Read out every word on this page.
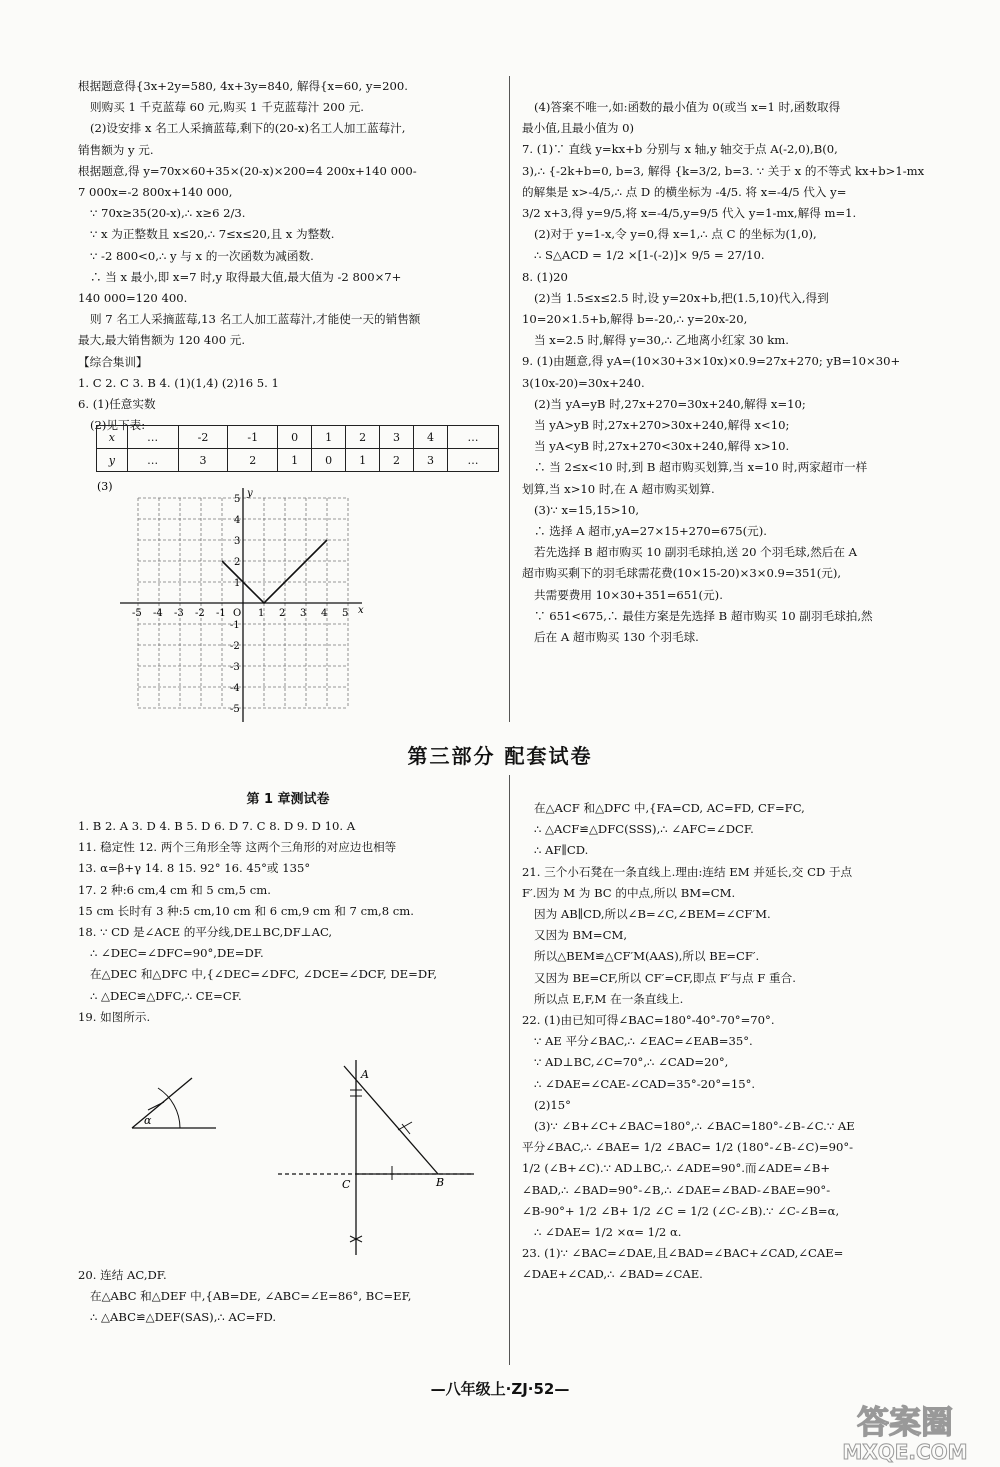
根据题意得{3x+2y=580, 4x+3y=840, 解得{x=60, y=200.
则购买 1 千克蓝莓 60 元,购买 1 千克蓝莓汁 200 元.
(2)设安排 x 名工人采摘蓝莓,剩下的(20-x)名工人加工蓝莓汁,
销售额为 y 元.
根据题意,得 y=70x×60+35×(20-x)×200=4 200x+140 000-
7 000x=-2 800x+140 000,
∵ 70x≥35(20-x),∴ x≥6 2/3.
∵ x 为正整数且 x≤20,∴ 7≤x≤20,且 x 为整数.
∵ -2 800<0,∴ y 与 x 的一次函数为减函数.
∴ 当 x 最小,即 x=7 时,y 取得最大值,最大值为 -2 800×7+
140 000=120 400.
则 7 名工人采摘蓝莓,13 名工人加工蓝莓汁,才能使一天的销售额
最大,最大销售额为 120 400 元.
【综合集训】
1. C 2. C 3. B 4. (1)(1,4) (2)16 5. 1
6. (1)任意实数
(2)见下表:
x	…	-2	-1	0	1	2	3	4	…
y	…	3	2	1	0	1	2	3	…
-5 -4 -3 -2 -1 O 1 2 3 4 5
5
4
3
2
1
-1
-2
-3
-4
-5
x
y
(3)
(4)答案不唯一,如:函数的最小值为 0(或当 x=1 时,函数取得
最小值,且最小值为 0)
7. (1)∵ 直线 y=kx+b 分别与 x 轴,y 轴交于点 A(-2,0),B(0,
3),∴ {-2k+b=0, b=3, 解得 {k=3/2, b=3. ∵ 关于 x 的不等式 kx+b>1-mx
的解集是 x>-4/5,∴ 点 D 的横坐标为 -4/5. 将 x=-4/5 代入 y=
3/2 x+3,得 y=9/5,将 x=-4/5,y=9/5 代入 y=1-mx,解得 m=1.
(2)对于 y=1-x,令 y=0,得 x=1,∴ 点 C 的坐标为(1,0),
∴ S△ACD = 1/2 ×[1-(-2)]× 9/5 = 27/10.
8. (1)20
(2)当 1.5≤x≤2.5 时,设 y=20x+b,把(1.5,10)代入,得到
10=20×1.5+b,解得 b=-20,∴ y=20x-20,
当 x=2.5 时,解得 y=30,∴ 乙地离小红家 30 km.
9. (1)由题意,得 yA=(10×30+3×10x)×0.9=27x+270; yB=10×30+
3(10x-20)=30x+240.
(2)当 yA=yB 时,27x+270=30x+240,解得 x=10;
当 yA>yB 时,27x+270>30x+240,解得 x<10;
当 yA<yB 时,27x+270<30x+240,解得 x>10.
∴ 当 2≤x<10 时,到 B 超市购买划算,当 x=10 时,两家超市一样
划算,当 x>10 时,在 A 超市购买划算.
(3)∵ x=15,15>10,
∴ 选择 A 超市,yA=27×15+270=675(元).
若先选择 B 超市购买 10 副羽毛球拍,送 20 个羽毛球,然后在 A
超市购买剩下的羽毛球需花费(10×15-20)×3×0.9=351(元),
共需要费用 10×30+351=651(元).
∵ 651<675,∴ 最佳方案是先选择 B 超市购买 10 副羽毛球拍,然
后在 A 超市购买 130 个羽毛球.
第三部分 配套试卷
第 1 章测试卷
1. B 2. A 3. D 4. B 5. D 6. D 7. C 8. D 9. D 10. A
11. 稳定性 12. 两个三角形全等 这两个三角形的对应边也相等
13. α=β+γ 14. 8 15. 92° 16. 45°或 135°
17. 2 种:6 cm,4 cm 和 5 cm,5 cm.
15 cm 长时有 3 种:5 cm,10 cm 和 6 cm,9 cm 和 7 cm,8 cm.
18. ∵ CD 是∠ACE 的平分线,DE⊥BC,DF⊥AC,
∴ ∠DEC=∠DFC=90°,DE=DF.
在△DEC 和△DFC 中,{∠DEC=∠DFC, ∠DCE=∠DCF, DE=DF,
∴ △DEC≌△DFC,∴ CE=CF.
19. 如图所示.
α
A
B
C
20. 连结 AC,DF.
在△ABC 和△DEF 中,{AB=DE, ∠ABC=∠E=86°, BC=EF,
∴ △ABC≌△DEF(SAS),∴ AC=FD.
在△ACF 和△DFC 中,{FA=CD, AC=FD, CF=FC,
∴ △ACF≌△DFC(SSS),∴ ∠AFC=∠DCF.
∴ AF∥CD.
21. 三个小石凳在一条直线上.理由:连结 EM 并延长,交 CD 于点
F′.因为 M 为 BC 的中点,所以 BM=CM.
因为 AB∥CD,所以∠B=∠C,∠BEM=∠CF′M.
又因为 BM=CM,
所以△BEM≌△CF′M(AAS),所以 BE=CF′.
又因为 BE=CF,所以 CF′=CF,即点 F′与点 F 重合.
所以点 E,F,M 在一条直线上.
22. (1)由已知可得∠BAC=180°-40°-70°=70°.
∵ AE 平分∠BAC,∴ ∠EAC=∠EAB=35°.
∵ AD⊥BC,∠C=70°,∴ ∠CAD=20°,
∴ ∠DAE=∠CAE-∠CAD=35°-20°=15°.
(2)15°
(3)∵ ∠B+∠C+∠BAC=180°,∴ ∠BAC=180°-∠B-∠C.∵ AE
平分∠BAC,∴ ∠BAE= 1/2 ∠BAC= 1/2 (180°-∠B-∠C)=90°-
1/2 (∠B+∠C).∵ AD⊥BC,∴ ∠ADE=90°.而∠ADE=∠B+
∠BAD,∴ ∠BAD=90°-∠B,∴ ∠DAE=∠BAD-∠BAE=90°-
∠B-90°+ 1/2 ∠B+ 1/2 ∠C = 1/2 (∠C-∠B).∵ ∠C-∠B=α,
∴ ∠DAE= 1/2 ×α= 1/2 α.
23. (1)∵ ∠BAC=∠DAE,且∠BAD=∠BAC+∠CAD,∠CAE=
∠DAE+∠CAD,∴ ∠BAD=∠CAE.
—八年级上·ZJ·52—
答案圈
MXQE.COM
